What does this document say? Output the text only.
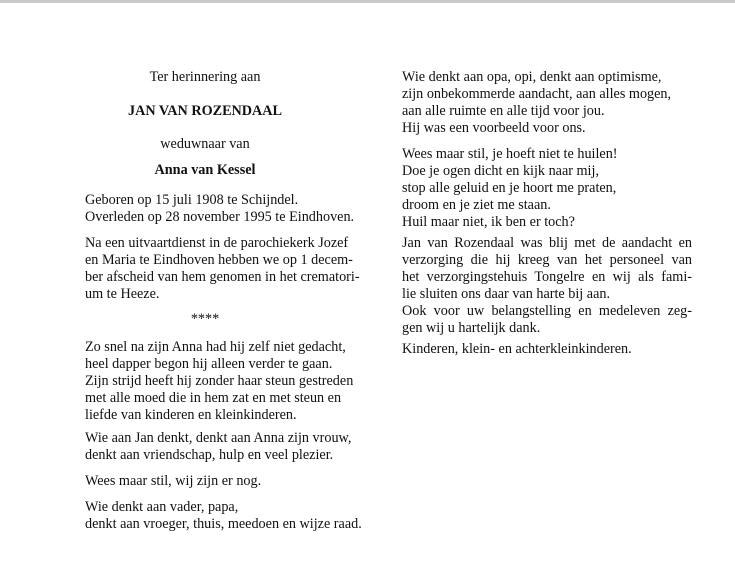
Ter herinnering aan
JAN VAN ROZENDAAL
weduwnaar van
Anna van Kessel
Geboren op 15 juli 1908 te Schijndel.
Overleden op 28 november 1995 te Eindhoven.
Na een uitvaartdienst in de parochiekerk Jozef
en Maria te Eindhoven hebben we op 1 decem-
ber afscheid van hem genomen in het crematori-
um te Heeze.
****
Zo snel na zijn Anna had hij zelf niet gedacht,
heel dapper begon hij alleen verder te gaan.
Zijn strijd heeft hij zonder haar steun gestreden
met alle moed die in hem zat en met steun en
liefde van kinderen en kleinkinderen.
Wie aan Jan denkt, denkt aan Anna zijn vrouw,
denkt aan vriendschap, hulp en veel plezier.
Wees maar stil, wij zijn er nog.
Wie denkt aan vader, papa,
denkt aan vroeger, thuis, meedoen en wijze raad.
Wie denkt aan opa, opi, denkt aan optimisme,
zijn onbekommerde aandacht, aan alles mogen,
aan alle ruimte en alle tijd voor jou.
Hij was een voorbeeld voor ons.
Wees maar stil, je hoeft niet te huilen!
Doe je ogen dicht en kijk naar mij,
stop alle geluid en je hoort me praten,
droom en je ziet me staan.
Huil maar niet, ik ben er toch?
Jan van Rozendaal was blij met de aandacht en
verzorging die hij kreeg van het personeel van
het verzorgingstehuis Tongelre en wij als fami-
lie sluiten ons daar van harte bij aan.
Ook voor uw belangstelling en medeleven zeg-
gen wij u hartelijk dank.
Kinderen, klein- en achterkleinkinderen.
